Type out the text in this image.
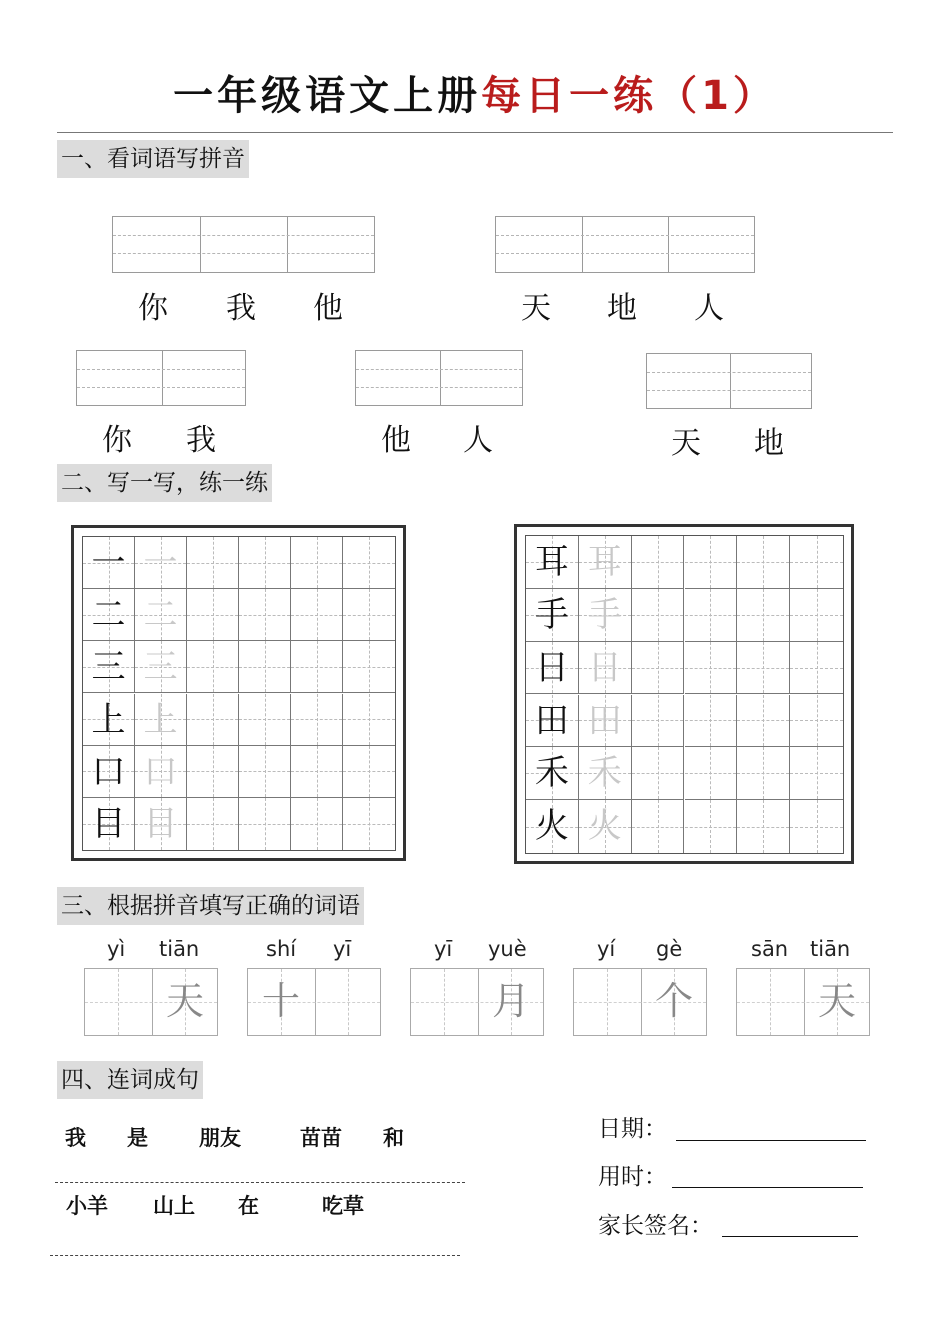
一年级语文上册每日一练（1）
一、看词语写拼音
你 我 他	天 地 人
你 我	他 人	天 地
二、写一写，练一练
一 一
二 二
三 三
上 上
口 口
目 目
耳 耳
手 手
日 日
田 田
禾 禾
火 火
三、根据拼音填写正确的词语
yì tiān
天
shí yī
十
yī yuè
月
yí gè
个
sān tiān
天
四、连词成句
我 是 朋友	苗苗 和
小羊 山上 在	吃草
日期：
用时：
家长签名：
